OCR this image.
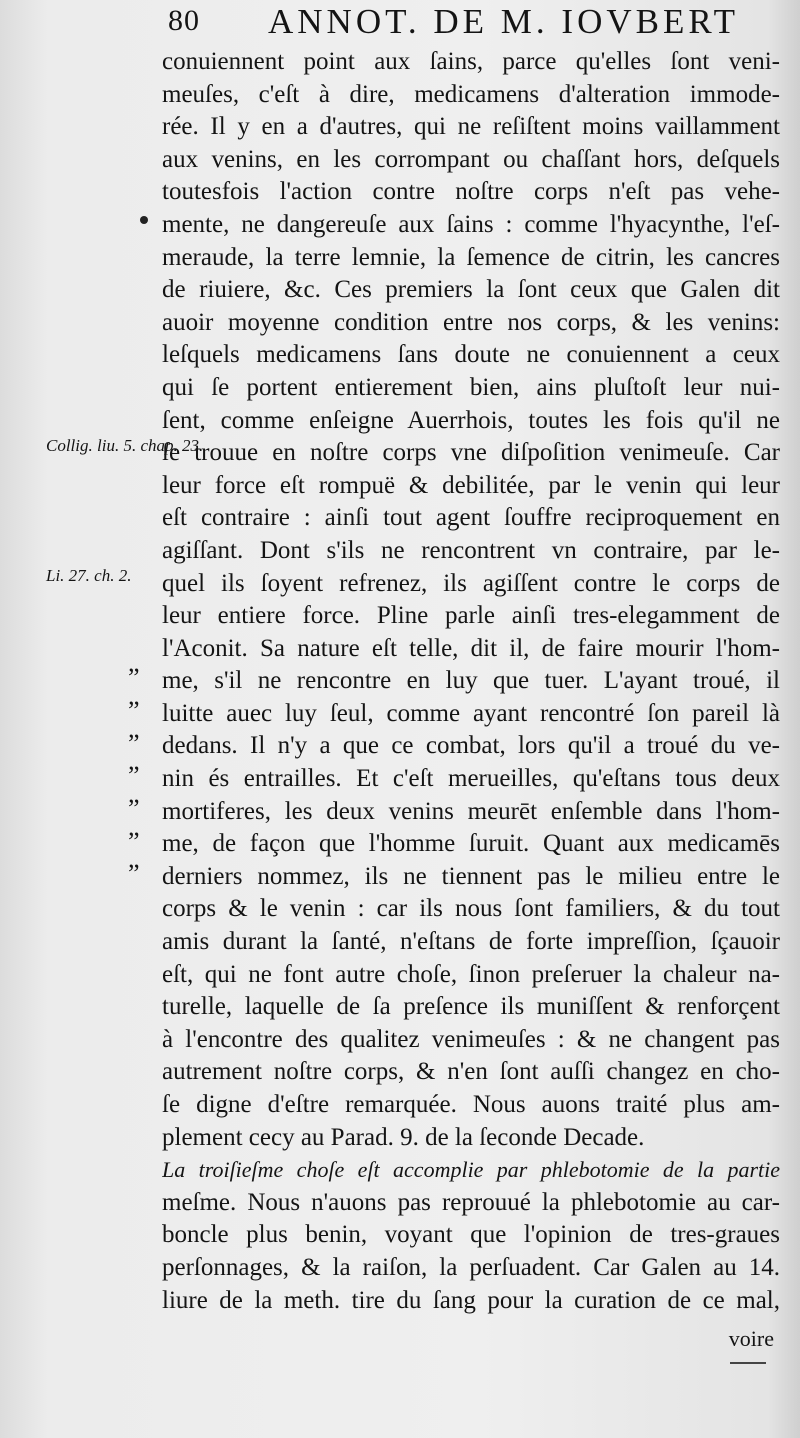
80 ANNOT. DE M. IOVBERT
Collig. liu. 5. chap. 23.
Li. 27. ch. 2.
„
„
„
„
„
„
„
conuiennent point aux ſains, parce qu'elles ſont veni-
meuſes, c'eſt à dire, medicamens d'alteration immode-
rée. Il y en a d'autres, qui ne reſiſtent moins vaillamment
aux venins, en les corrompant ou chaſſant hors, deſquels
toutesfois l'action contre noſtre corps n'eſt pas vehe-
mente, ne dangereuſe aux ſains : comme l'hyacynthe, l'eſ-
meraude, la terre lemnie, la ſemence de citrin, les cancres
de riuiere, &c. Ces premiers la ſont ceux que Galen dit
auoir moyenne condition entre nos corps, & les venins:
leſquels medicamens ſans doute ne conuiennent a ceux
qui ſe portent entierement bien, ains pluſtoſt leur nui-
ſent, comme enſeigne Auerrhois, toutes les fois qu'il ne
ſe trouue en noſtre corps vne diſpoſition venimeuſe. Car
leur force eſt rompuë & debilitée, par le venin qui leur
eſt contraire : ainſi tout agent ſouffre reciproquement en
agiſſant. Dont s'ils ne rencontrent vn contraire, par le-
quel ils ſoyent refrenez, ils agiſſent contre le corps de
leur entiere force. Pline parle ainſi tres-elegamment de
l'Aconit. Sa nature eſt telle, dit il, de faire mourir l'hom-
me, s'il ne rencontre en luy que tuer. L'ayant troué, il
luitte auec luy ſeul, comme ayant rencontré ſon pareil là
dedans. Il n'y a que ce combat, lors qu'il a troué du ve-
nin és entrailles. Et c'eſt merueilles, qu'eſtans tous deux
mortiferes, les deux venins meurēt enſemble dans l'hom-
me, de façon que l'homme ſuruit. Quant aux medicamēs
derniers nommez, ils ne tiennent pas le milieu entre le
corps & le venin : car ils nous ſont familiers, & du tout
amis durant la ſanté, n'eſtans de forte impreſſion, ſçauoir
eſt, qui ne font autre choſe, ſinon preſeruer la chaleur na-
turelle, laquelle de ſa preſence ils muniſſent & renforçent
à l'encontre des qualitez venimeuſes : & ne changent pas
autrement noſtre corps, & n'en ſont auſſi changez en cho-
ſe digne d'eſtre remarquée. Nous auons traité plus am-
plement cecy au Parad. 9. de la ſeconde Decade.
La troiſieſme choſe eſt accomplie par phlebotomie de la partie
meſme. Nous n'auons pas reprouué la phlebotomie au car-
boncle plus benin, voyant que l'opinion de tres-graues
perſonnages, & la raiſon, la perſuadent. Car Galen au 14.
liure de la meth. tire du ſang pour la curation de ce mal,
voire
